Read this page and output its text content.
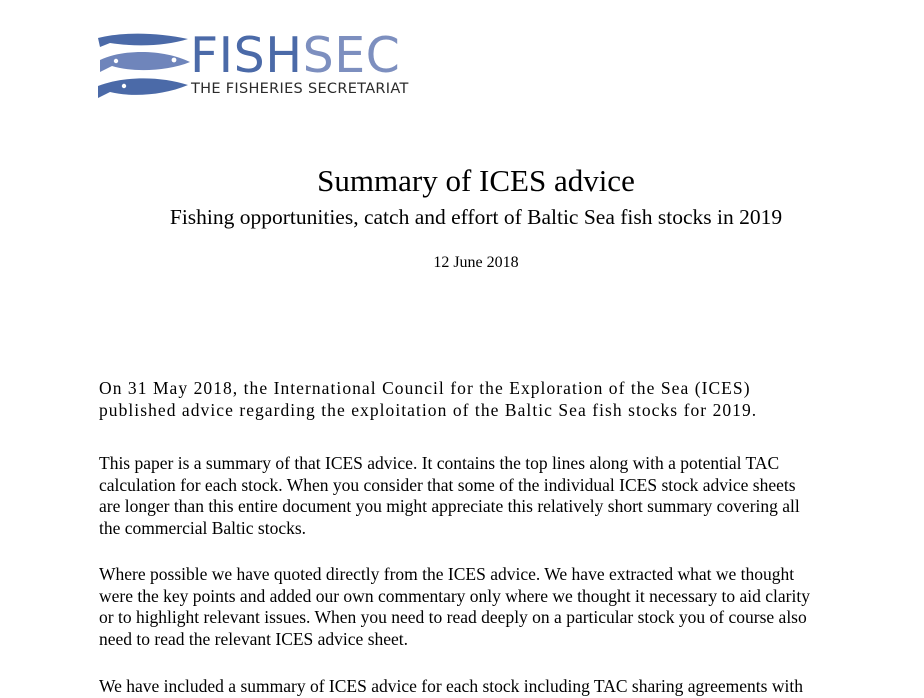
FISHSEC
THE FISHERIES SECRETARIAT
Summary of ICES advice
Fishing opportunities, catch and effort of Baltic Sea fish stocks in 2019
12 June 2018
On 31 May 2018, the International Council for the Exploration of the Sea (ICES)
published advice regarding the exploitation of the Baltic Sea fish stocks for 2019.
This paper is a summary of that ICES advice. It contains the top lines along with a potential TAC
calculation for each stock. When you consider that some of the individual ICES stock advice sheets
are longer than this entire document you might appreciate this relatively short summary covering all
the commercial Baltic stocks.
Where possible we have quoted directly from the ICES advice. We have extracted what we thought
were the key points and added our own commentary only where we thought it necessary to aid clarity
or to highlight relevant issues. When you need to read deeply on a particular stock you of course also
need to read the relevant ICES advice sheet.
We have included a summary of ICES advice for each stock including TAC sharing agreements with
